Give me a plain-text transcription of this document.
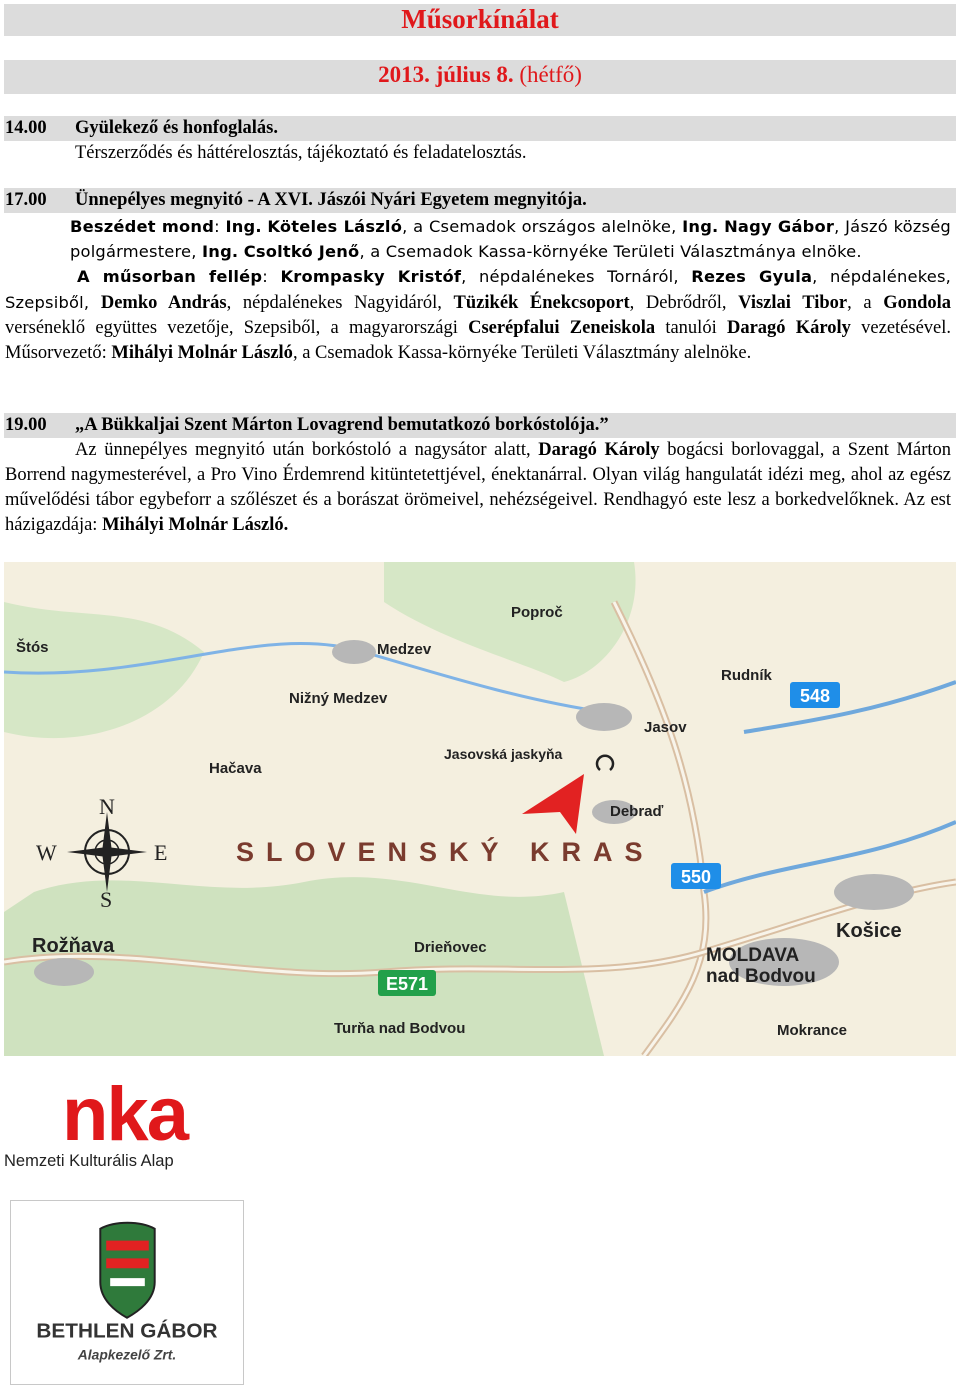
Műsorkínálat
2013. július 8. (hétfő)
14.00 Gyülekező és honfoglalás.
Térszerződés és háttérelosztás, tájékoztató és feladatelosztás.
17.00 Ünnepélyes megnyitó - A XVI. Jászói Nyári Egyetem megnyitója.
Beszédet mond: Ing. Köteles László, a Csemadok országos alelnöke, Ing. Nagy Gábor, Jászó község polgármestere, Ing. Csoltkó Jenő, a Csemadok Kassa-környéke Területi Választmánya elnöke.
A műsorban fellép: Krompasky Kristóf, népdalénekes Tornáról, Rezes Gyula, népdalénekes, Szepsiből, Demko András, népdalénekes Nagyidáról, Tüzikék Énekcsoport, Debrődről, Viszlai Tibor, a Gondola verséneklő együttes vezetője, Szepsiből, a magyarországi Cserépfalui Zeneiskola tanulói Daragó Károly vezetésével. Műsorvezető: Mihályi Molnár László, a Csemadok Kassa-környéke Területi Választmány alelnöke.
19.00 „A Bükkaljai Szent Márton Lovagrend bemutatkozó borkóstolója.”
Az ünnepélyes megnyitó után borkóstoló a nagysátor alatt, Daragó Károly bogácsi borlovaggal, a Szent Márton Borrend nagymesterével, a Pro Vino Érdemrend kitüntetettjével, énektanárral. Olyan világ hangulatát idézi meg, ahol az egész művelődési tábor egybeforr a szőlészet és a borászat örömeivel, nehézségeivel. Rendhagyó este lesz a borkedvelőknek. Az est házigazdája: Mihályi Molnár László.
Poproč
Štós	Medzev
Rudník
Nižný Medzev
Jasov
Jasovská jaskyňa
Hačava
Debraď
Rožňava	Drieňovec
Košice
MOLDAVA
nad Bodvou
Turňa nad Bodvou	Mokrance
SLOVENSKÝ KRAS
N
W	E
S
548
550
E571
nka
Nemzeti Kulturális Alap
BETHLEN GÁBOR
Alapkezelő Zrt.
